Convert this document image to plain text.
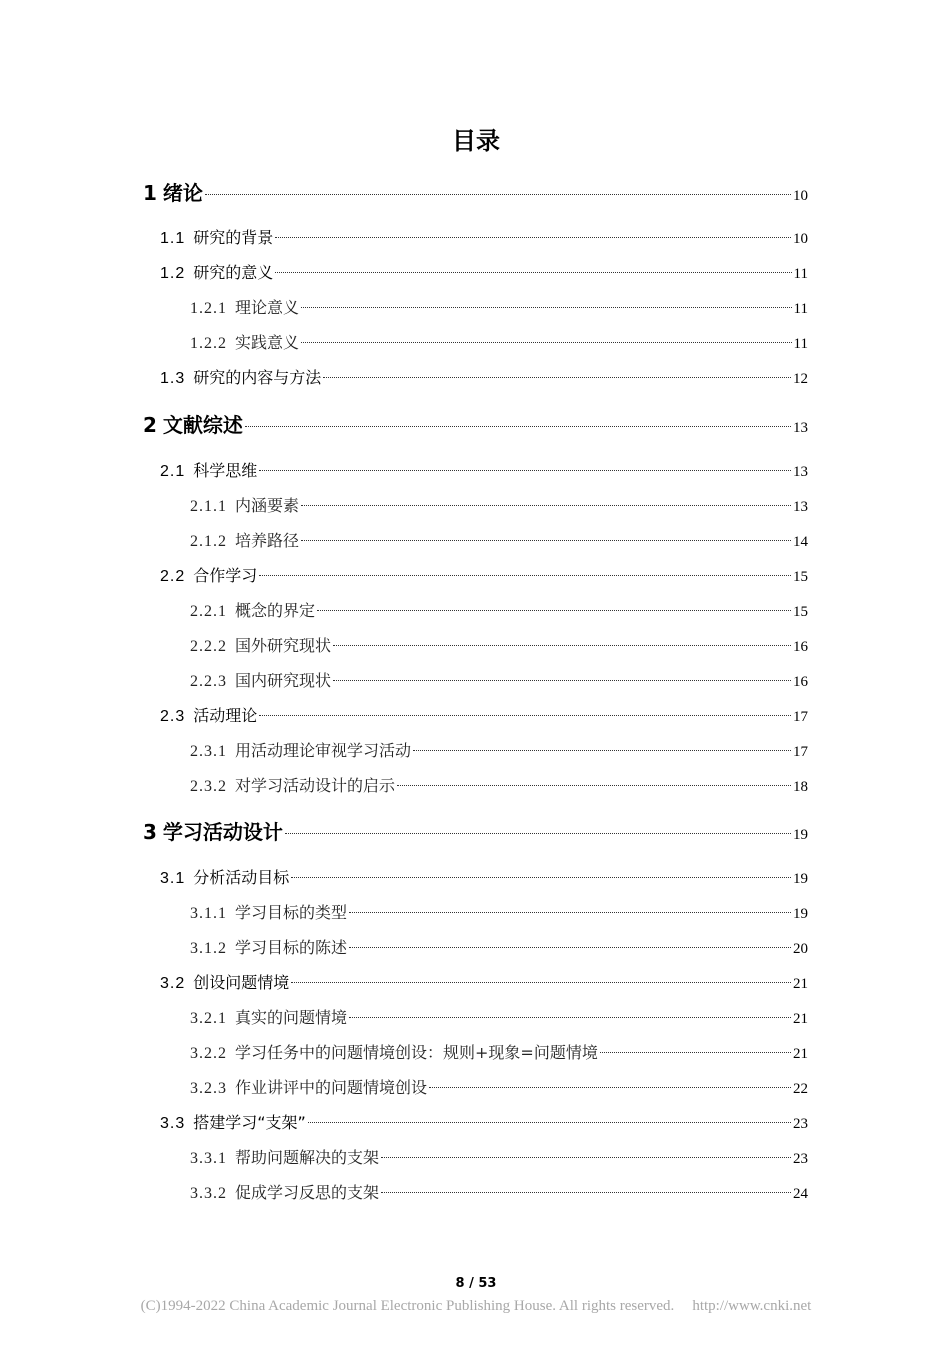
目录
1 绪论	10
1.1 研究的背景	10
1.2 研究的意义	11
1.2.1 理论意义	11
1.2.2 实践意义	11
1.3 研究的内容与方法	12
2 文献综述	13
2.1 科学思维	13
2.1.1 内涵要素	13
2.1.2 培养路径	14
2.2 合作学习	15
2.2.1 概念的界定	15
2.2.2 国外研究现状	16
2.2.3 国内研究现状	16
2.3 活动理论	17
2.3.1 用活动理论审视学习活动	17
2.3.2 对学习活动设计的启示	18
3 学习活动设计	19
3.1 分析活动目标	19
3.1.1 学习目标的类型	19
3.1.2 学习目标的陈述	20
3.2 创设问题情境	21
3.2.1 真实的问题情境	21
3.2.2 学习任务中的问题情境创设：规则+现象=问题情境	21
3.2.3 作业讲评中的问题情境创设	22
3.3 搭建学习“支架”	23
3.3.1 帮助问题解决的支架	23
3.3.2 促成学习反思的支架	24
8 / 53
(C)1994-2022 China Academic Journal Electronic Publishing House. All rights reserved. http://www.cnki.net
